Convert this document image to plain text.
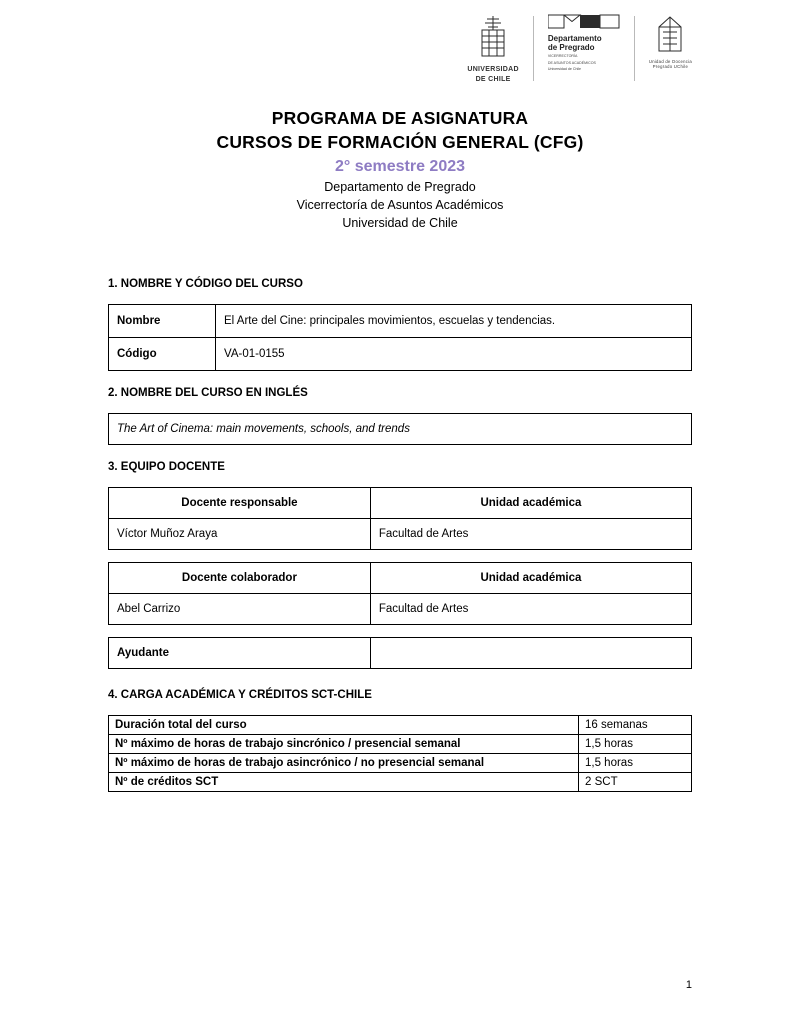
UNIVERSIDAD
DE CHILE
Departamento
de Pregrado
VICERRECTORÍA
DE ASUNTOS ACADÉMICOS
Universidad de Chile
Unidad de Docencia
Pregrado UChile
PROGRAMA DE ASIGNATURA
CURSOS DE FORMACIÓN GENERAL (CFG)
2° semestre 2023
Departamento de Pregrado
Vicerrectoría de Asuntos Académicos
Universidad de Chile
1. NOMBRE Y CÓDIGO DEL CURSO
Nombre	El Arte del Cine: principales movimientos, escuelas y tendencias.
Código	VA-01-0155
2. NOMBRE DEL CURSO EN INGLÉS
The Art of Cinema: main movements, schools, and trends
3. EQUIPO DOCENTE
Docente responsable	Unidad académica
Víctor Muñoz Araya	Facultad de Artes
Docente colaborador	Unidad académica
Abel Carrizo	Facultad de Artes
Ayudante	
4. CARGA ACADÉMICA Y CRÉDITOS SCT-CHILE
Duración total del curso	16 semanas
Nº máximo de horas de trabajo sincrónico / presencial semanal	1,5 horas
Nº máximo de horas de trabajo asincrónico / no presencial semanal	1,5 horas
Nº de créditos SCT	2 SCT
1
